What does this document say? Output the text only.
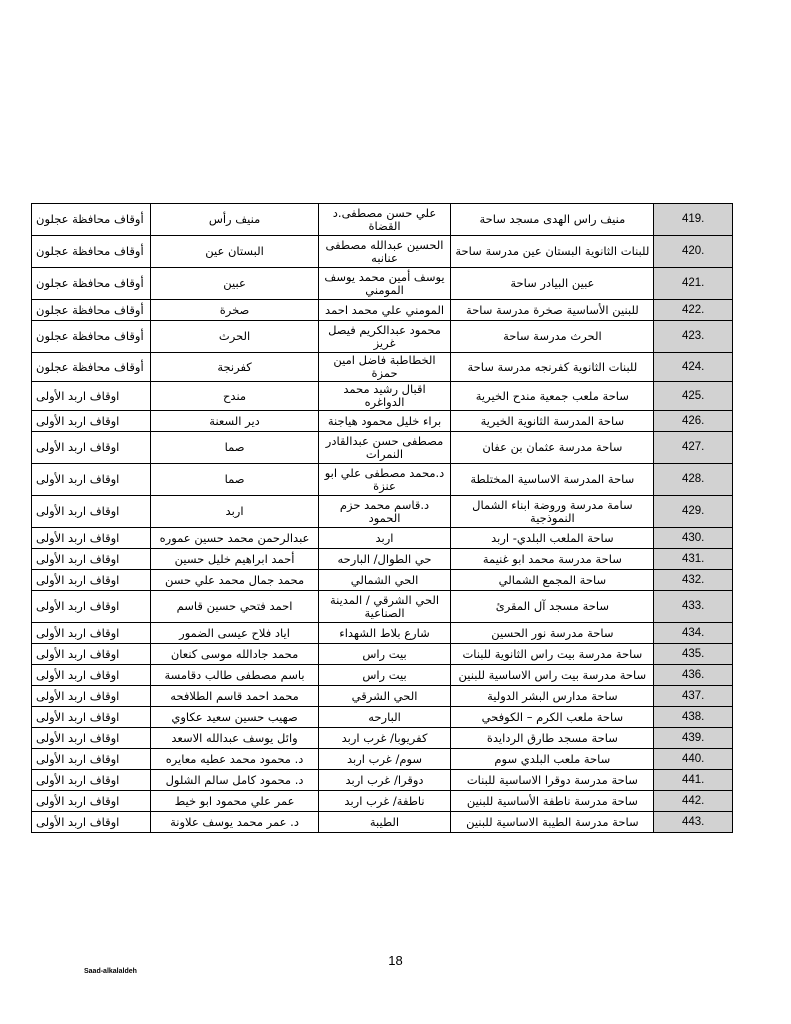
أوقاف محافظة عجلون	منيف رأس	علي حسن مصطفى.د القضاة	منيف راس الهدى مسجد ساحة	419.
أوقاف محافظة عجلون	البستان عين	الحسين عبدالله مصطفى عنانبه	للبنات الثانوية البستان عين مدرسة ساحة	420.
أوقاف محافظة عجلون	عبين	يوسف أمين محمد يوسف المومني	عبين البيادر ساحة	421.
أوقاف محافظة عجلون	صخرة	المومني علي محمد احمد	للبنين الأساسية صخرة مدرسة ساحة	422.
أوقاف محافظة عجلون	الحرث	محمود عبدالكريم فيصل غريز	الحرث مدرسة ساحة	423.
أوقاف محافظة عجلون	كفرنجة	الخطاطبة فاضل امين حمزة	للبنات الثانوية كفرنجه مدرسة ساحة	424.
اوقاف اربد الأولى	مندح	اقبال رشيد محمد الدواغره	ساحة ملعب جمعية مندح الخيرية	425.
اوقاف اربد الأولى	دير السعنة	براء خليل محمود هياجنة	ساحة المدرسة الثانوية الخيرية	426.
اوقاف اربد الأولى	صما	مصطفى حسن عبدالقادر النمرات	ساحة مدرسة عثمان بن عفان	427.
اوقاف اربد الأولى	صما	د.محمد مصطفى علي ابو عنزة	ساحة المدرسة الاساسية المختلطة	428.
اوقاف اربد الأولى	اربد	د.قاسم محمد حزم الحمود	سامة مدرسة وروضة ابناء الشمال النموذجية	429.
اوقاف اربد الأولى	عبدالرحمن محمد حسين عموره	اربد	ساحة الملعب البلدي- اربد	430.
اوقاف اربد الأولى	أحمد ابراهيم خليل حسين	حي الطوال/ البارحه	ساحة مدرسة محمد ابو غنيمة	431.
اوقاف اربد الأولى	محمد جمال محمد علي حسن	الحي الشمالي	ساحة المجمع الشمالي	432.
اوقاف اربد الأولى	احمد فتحي حسين قاسم	الحي الشرقي / المدينة الصناعية	ساحة مسجد آل المقرئ	433.
اوقاف اربد الأولى	اياد فلاح عيسى الضمور	شارع بلاط الشهداء	ساحة مدرسة نور الحسين	434.
اوقاف اربد الأولى	محمد جادالله موسى كنعان	بيت راس	ساحة مدرسة بيت راس الثانوية للبنات	435.
اوقاف اربد الأولى	باسم مصطفى طالب دقامسة	بيت راس	ساحة مدرسة بيت راس الاساسية للبنين	436.
اوقاف اربد الأولى	محمد احمد قاسم الطلافحه	الحي الشرقي	ساحة مدارس البشر الدولية	437.
اوقاف اربد الأولى	صهيب حسين سعيد عكاوي	البارحه	ساحة ملعب الكرم – الكوفحي	438.
اوقاف اربد الأولى	وائل يوسف عبدالله الاسعد	كفريوبا/ غرب اربد	ساحة مسجد طارق الردايدة	439.
اوقاف اربد الأولى	د. محمود محمد عطيه معايره	سوم/ غرب اربد	ساحة ملعب البلدي سوم	440.
اوقاف اربد الأولى	د. محمود كامل سالم الشلول	دوقرا/ غرب اربد	ساحة مدرسة دوقرا الاساسية للبنات	441.
اوقاف اربد الأولى	عمر علي محمود ابو خيط	ناطفة/ غرب اربد	ساحة مدرسة ناطفة الأساسية للبنين	442.
اوقاف اربد الأولى	د. عمر محمد يوسف علاونة	الطيبة	ساحة مدرسة الطيبة الاساسية للبنين	443.
18
Saad-alkalaldeh
